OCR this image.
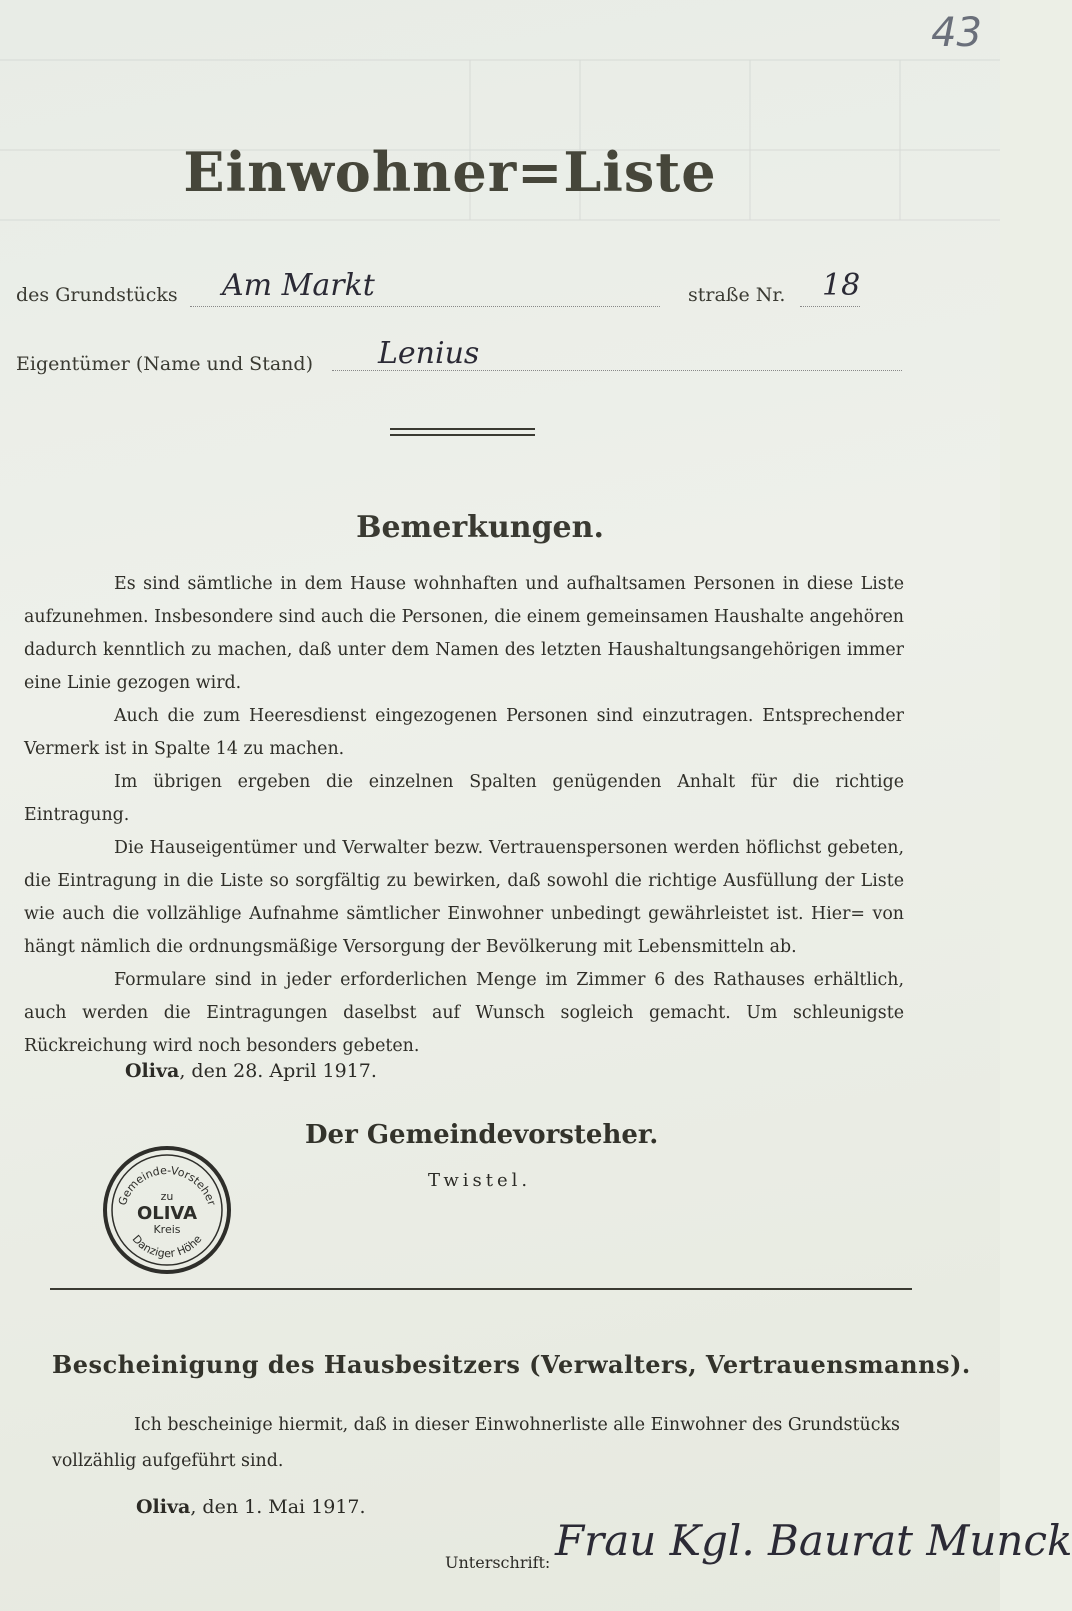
43
Einwohner=Liste
des Grundstücks Am Markt	straße Nr. 18
Eigentümer (Name und Stand) Lenius
Bemerkungen.

Es sind sämtliche in dem Hause wohnhaften und aufhaltsamen Personen in diese Liste aufzunehmen. Insbesondere sind auch die Personen, die einem gemeinsamen Haushalte angehören dadurch kenntlich zu machen, daß unter dem Namen des letzten Haushaltungsangehörigen immer eine Linie gezogen wird.

Auch die zum Heeresdienst eingezogenen Personen sind einzutragen. Entsprechender Vermerk ist in Spalte 14 zu machen.

Im übrigen ergeben die einzelnen Spalten genügenden Anhalt für die richtige Eintragung.

Die Hauseigentümer und Verwalter bezw. Vertrauenspersonen werden höflichst gebeten, die Eintragung in die Liste so sorgfältig zu bewirken, daß sowohl die richtige Ausfüllung der Liste wie auch die vollzählige Aufnahme sämtlicher Einwohner unbedingt gewährleistet ist. Hier= von hängt nämlich die ordnungsmäßige Versorgung der Bevölkerung mit Lebensmitteln ab.

Formulare sind in jeder erforderlichen Menge im Zimmer 6 des Rathauses erhältlich, auch werden die Eintragungen daselbst auf Wunsch sogleich gemacht. Um schleunigste Rückreichung wird noch besonders gebeten.

Oliva, den 28. April 1917.
Der Gemeindevorsteher.
Twistel.
Gemeinde-Vorsteher
zu
OLIVA
Kreis
Danziger Höhe
Bescheinigung des Hausbesitzers (Verwalters, Vertrauensmanns).

Ich bescheinige hiermit, daß in dieser Einwohnerliste alle Einwohner des Grundstücks vollzählig aufgeführt sind.

Oliva, den 1. Mai 1917.
Unterschrift: Frau Kgl. Baurat Munck
